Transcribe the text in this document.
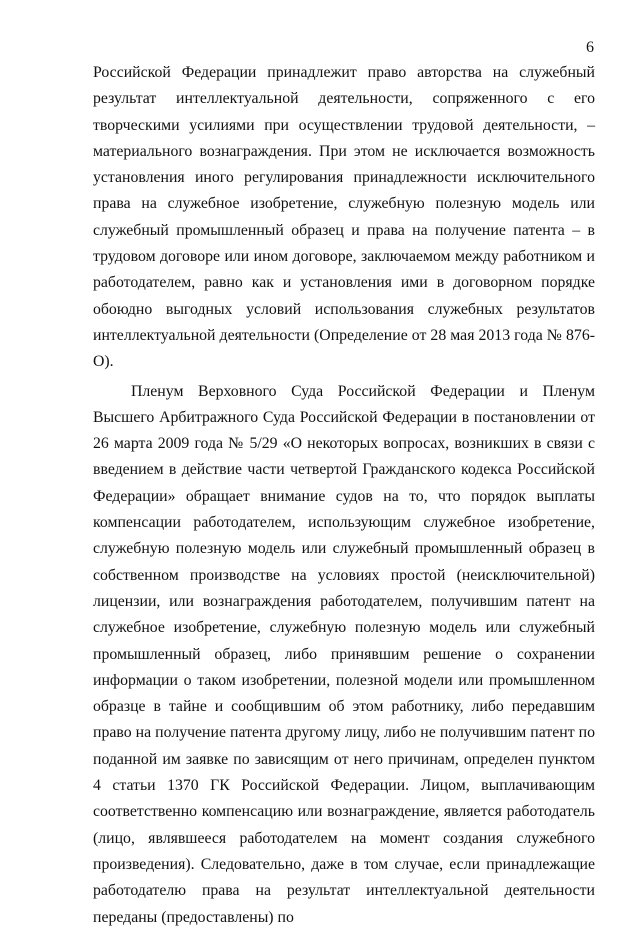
6

Российской Федерации принадлежит право авторства на служебный результат интеллектуальной деятельности, сопряженного с его творческими усилиями при осуществлении трудовой деятельности, – материального вознаграждения. При этом не исключается возможность установления иного регулирования принадлежности исключительного права на служебное изобретение, служебную полезную модель или служебный промышленный образец и права на получение патента – в трудовом договоре или ином договоре, заключаемом между работником и работодателем, равно как и установления ими в договорном порядке обоюдно выгодных условий использования служебных результатов интеллектуальной деятельности (Определение от 28 мая 2013 года № 876-О).

Пленум Верховного Суда Российской Федерации и Пленум Высшего Арбитражного Суда Российской Федерации в постановлении от 26 марта 2009 года № 5/29 «О некоторых вопросах, возникших в связи с введением в действие части четвертой Гражданского кодекса Российской Федерации» обращает внимание судов на то, что порядок выплаты компенсации работодателем, использующим служебное изобретение, служебную полезную модель или служебный промышленный образец в собственном производстве на условиях простой (неисключительной) лицензии, или вознаграждения работодателем, получившим патент на служебное изобретение, служебную полезную модель или служебный промышленный образец, либо принявшим решение о сохранении информации о таком изобретении, полезной модели или промышленном образце в тайне и сообщившим об этом работнику, либо передавшим право на получение патента другому лицу, либо не получившим патент по поданной им заявке по зависящим от него причинам, определен пунктом 4 статьи 1370 ГК Российской Федерации. Лицом, выплачивающим соответственно компенсацию или вознаграждение, является работодатель (лицо, являвшееся работодателем на момент создания служебного произведения). Следовательно, даже в том случае, если принадлежащие работодателю права на результат интеллектуальной деятельности переданы (предоставлены) по
